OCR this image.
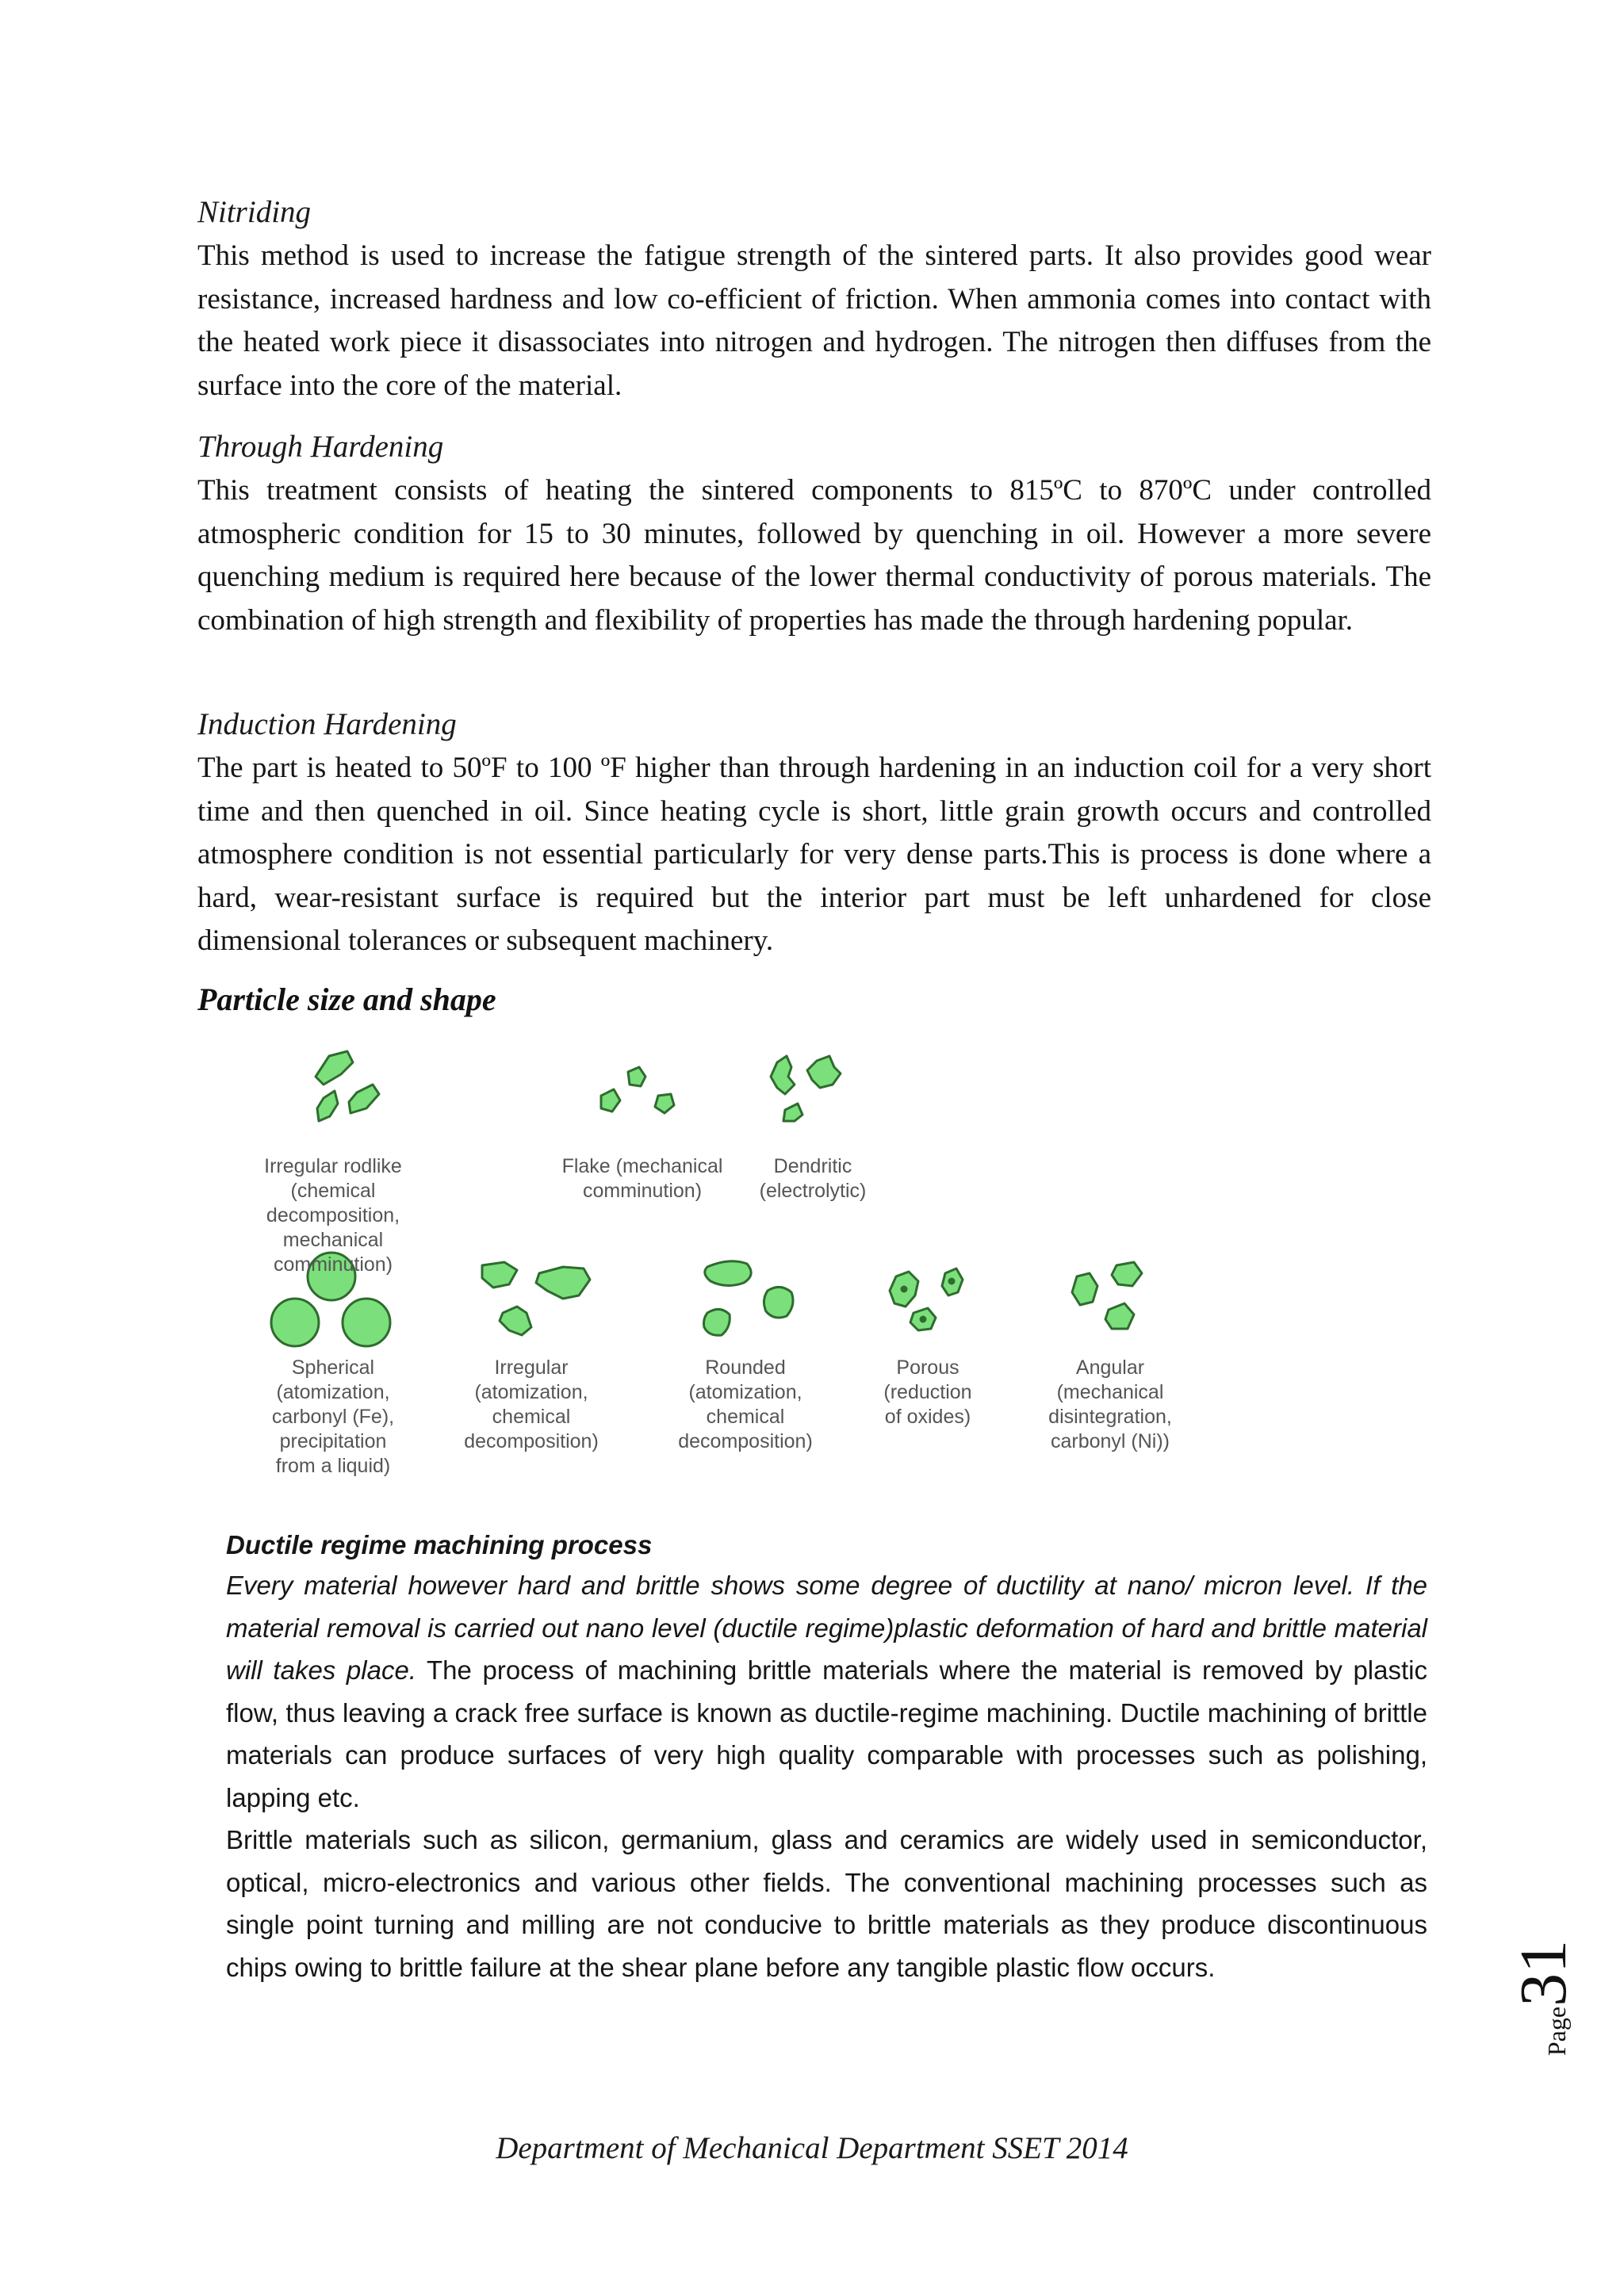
Nitriding

This method is used to increase the fatigue strength of the sintered parts. It also provides good wear resistance, increased hardness and low co-efficient of friction. When ammonia comes into contact with the heated work piece it disassociates into nitrogen and hydrogen. The nitrogen then diffuses from the surface into the core of the material.

Through Hardening

This treatment consists of heating the sintered components to 815ºC to 870ºC under controlled atmospheric condition for 15 to 30 minutes, followed by quenching in oil. However a more severe quenching medium is required here because of the lower thermal conductivity of porous materials. The combination of high strength and flexibility of properties has made the through hardening popular.

Induction Hardening

The part is heated to 50ºF to 100 ºF higher than through hardening in an induction coil for a very short time and then quenched in oil. Since heating cycle is short, little grain growth occurs and controlled atmosphere condition is not essential particularly for very dense parts.This is process is done where a hard, wear-resistant surface is required but the interior part must be left unhardened for close dimensional tolerances or subsequent machinery.

Particle size and shape
Irregular rodlike
(chemical decomposition,
mechanical comminution)
Flake (mechanical
comminution)
Dendritic
(electrolytic)
Spherical
(atomization,
carbonyl (Fe),
precipitation
from a liquid)
Irregular
(atomization,
chemical
decomposition)
Rounded
(atomization,
chemical
decomposition)
Porous
(reduction
of oxides)
Angular
(mechanical
disintegration,
carbonyl (Ni))

Ductile regime machining process

Every material however hard and brittle shows some degree of ductility at nano/ micron level. If the material removal is carried out nano level (ductile regime)plastic deformation of hard and brittle material will takes place. The process of machining brittle materials where the material is removed by plastic flow, thus leaving a crack free surface is known as ductile-regime machining. Ductile machining of brittle materials can produce surfaces of very high quality comparable with processes such as polishing, lapping etc.

Brittle materials such as silicon, germanium, glass and ceramics are widely used in semiconductor, optical, micro-electronics and various other fields. The conventional machining processes such as single point turning and milling are not conducive to brittle materials as they produce discontinuous chips owing to brittle failure at the shear plane before any tangible plastic flow occurs.

Page
31
Department of Mechanical Department SSET 2014
